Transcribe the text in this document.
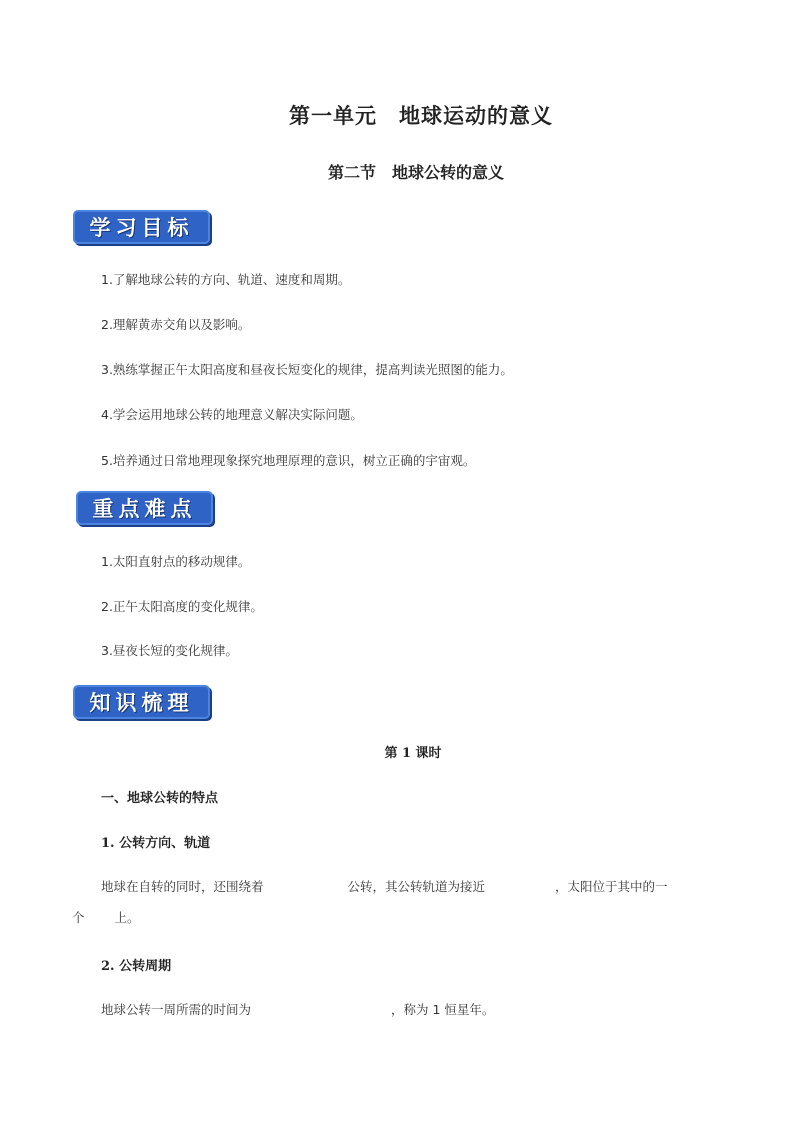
第一单元　地球运动的意义
第二节　地球公转的意义
学习目标
1.了解地球公转的方向、轨道、速度和周期。
2.理解黄赤交角以及影响。
3.熟练掌握正午太阳高度和昼夜长短变化的规律，提高判读光照图的能力。
4.学会运用地球公转的地理意义解决实际问题。
5.培养通过日常地理现象探究地理原理的意识，树立正确的宇宙观。
重点难点
1.太阳直射点的移动规律。
2.正午太阳高度的变化规律。
3.昼夜长短的变化规律。
知识梳理
第 1 课时
一、地球公转的特点
1. 公转方向、轨道
地球在自转的同时，还围绕着	公转，其公转轨道为接近	，太阳位于其中的一
个 上。
2. 公转周期
地球公转一周所需的时间为	，称为 1 恒星年。
